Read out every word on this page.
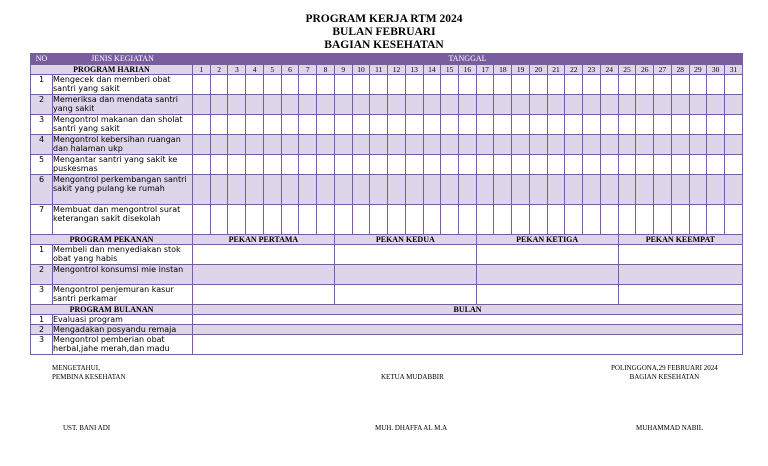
PROGRAM KERJA RTM 2024
BULAN FEBRUARI
BAGIAN KESEHATAN
NO	JENIS KEGIATAN	TANGGAL																														
PROGRAM HARIAN		1	2	3	4	5	6	7	8	9	10	11	12	13	14	15	16	17	18	19	20	21	22	23	24	25	26	27	28	29	30	31
1	Mengecek dan memberi obat santri yang sakit																															
2	Memeriksa dan mendata santri yang sakit																															
3	Mengontrol makanan dan sholat santri yang sakit																															
4	Mengontrol kebersihan ruangan dan halaman ukp																															
5	Mengantar santri yang sakit ke puskesmas																															
6	Mengontrol perkembangan santri sakit yang pulang ke rumah																															
7	Membuat dan mengontrol surat keterangan sakit disekolah																															
PROGRAM PEKANAN		PEKAN PERTAMA								PEKAN KEDUA								PEKAN KETIGA								PEKAN KEEMPAT						
1	Membeli dan menyediakan stok obat yang habis																															
2	Mengontrol konsumsi mie instan																															
3	Mengontrol penjemuran kasur santri perkamar																															
PROGRAM BULANAN		BULAN																														
1	Evaluasi program																															
2	Mengadakan posyandu remaja																															
3	Mengontrol pemberian obat herbal,jahe merah,dan madu																															
MENGETAHUI,
PEMBINA KESEHATAN	KETUA MUDABBIR
POLINGGONA,29 FEBRUARI 2024
BAGIAN KESEHATAN
UST. BANI ADI	MUH. DHAFFA AL M.A	MUHAMMAD NABIL
